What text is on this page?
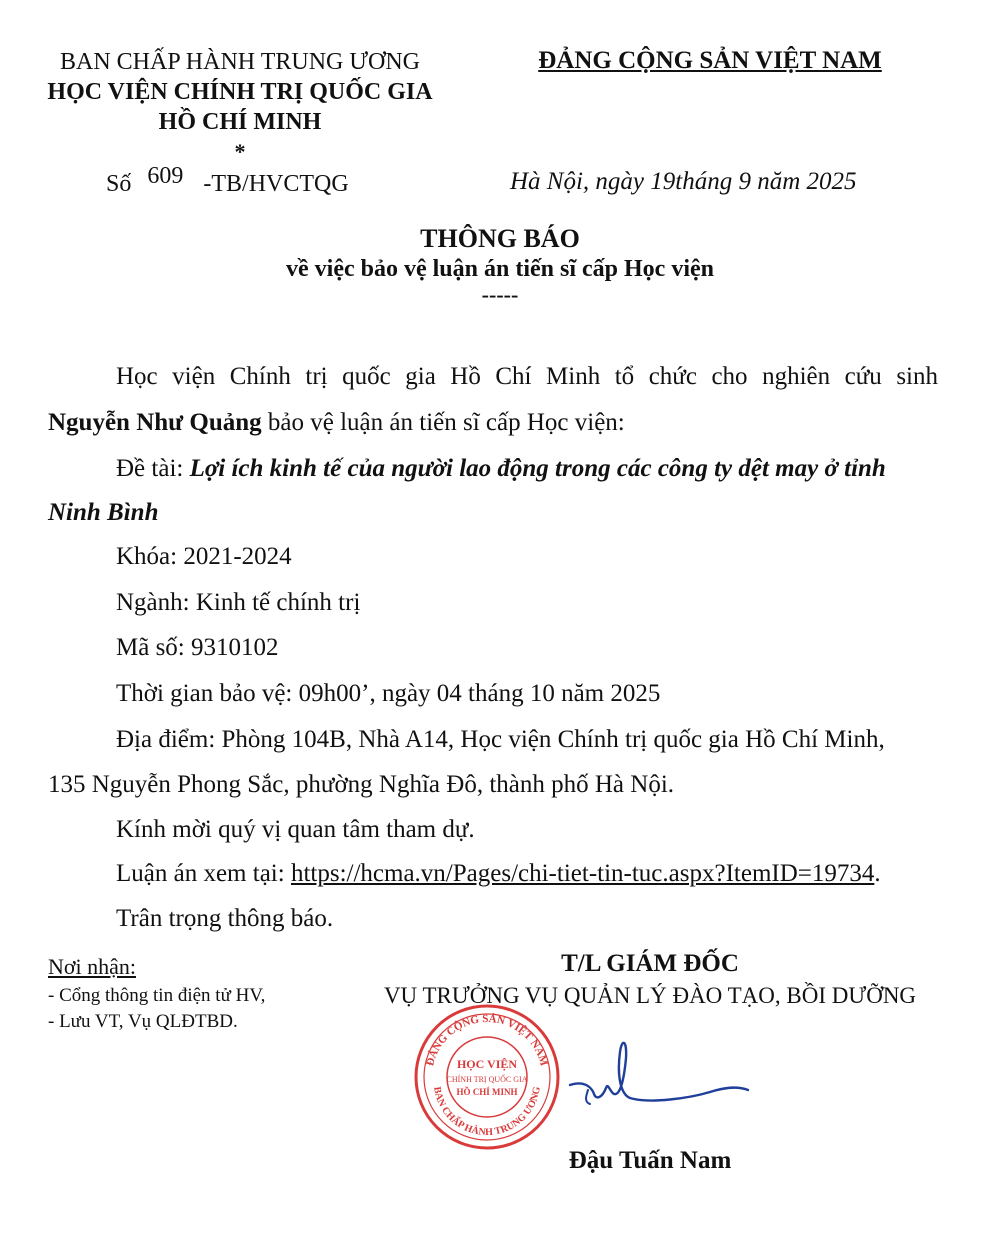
BAN CHẤP HÀNH TRUNG ƯƠNG
HỌC VIỆN CHÍNH TRỊ QUỐC GIA
HỒ CHÍ MINH
*
ĐẢNG CỘNG SẢN VIỆT NAM
Số 609 -TB/HVCTQG	Hà Nội, ngày 19tháng 9 năm 2025
THÔNG BÁO
về việc bảo vệ luận án tiến sĩ cấp Học viện
-----
Học viện Chính trị quốc gia Hồ Chí Minh tổ chức cho nghiên cứu sinh
Nguyễn Như Quảng bảo vệ luận án tiến sĩ cấp Học viện:
Đề tài: Lợi ích kinh tế của người lao động trong các công ty dệt may ở tỉnh
Ninh Bình
Khóa: 2021-2024
Ngành: Kinh tế chính trị
Mã số: 9310102
Thời gian bảo vệ: 09h00’, ngày 04 tháng 10 năm 2025
Địa điểm: Phòng 104B, Nhà A14, Học viện Chính trị quốc gia Hồ Chí Minh,
135 Nguyễn Phong Sắc, phường Nghĩa Đô, thành phố Hà Nội.
Kính mời quý vị quan tâm tham dự.
Luận án xem tại: https://hcma.vn/Pages/chi-tiet-tin-tuc.aspx?ItemID=19734.
Trân trọng thông báo.
Nơi nhận:
- Cổng thông tin điện tử HV,
- Lưu VT, Vụ QLĐTBD.
T/L GIÁM ĐỐC
VỤ TRƯỞNG VỤ QUẢN LÝ ĐÀO TẠO, BỒI DƯỠNG
ĐẢNG CỘNG SẢN VIỆT NAM
BAN CHẤP HÀNH TRUNG ƯƠNG
HỌC VIỆN
CHÍNH TRỊ QUỐC GIA
HỒ CHÍ MINH
Đậu Tuấn Nam
